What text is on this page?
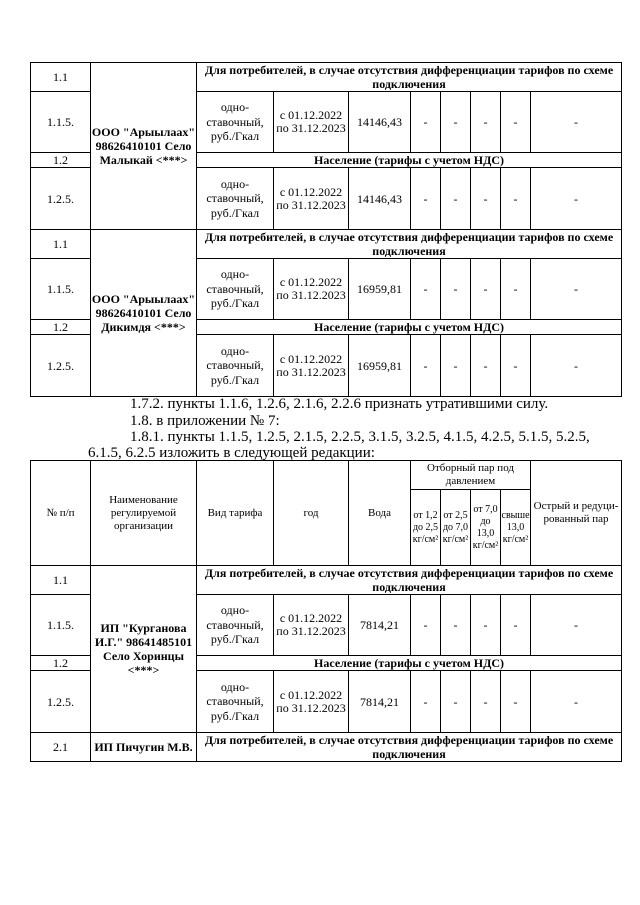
1.1	ООО "Арыылаах" 98626410101 Село Малыкай <***>	Для потребителей, в случае отсутствия дифференциации тарифов по схеме подключения							
1.1.5.		одно-ставочный, руб./Гкал	с 01.12.2022 по 31.12.2023	14146,43	-	-	-	-	-
1.2		Население (тарифы с учетом НДС)							
1.2.5.		одно-ставочный, руб./Гкал	с 01.12.2022 по 31.12.2023	14146,43	-	-	-	-	-
1.1	ООО "Арыылаах" 98626410101 Село Дикимдя <***>	Для потребителей, в случае отсутствия дифференциации тарифов по схеме подключения							
1.1.5.		одно-ставочный, руб./Гкал	с 01.12.2022 по 31.12.2023	16959,81	-	-	-	-	-
1.2		Население (тарифы с учетом НДС)							
1.2.5.		одно-ставочный, руб./Гкал	с 01.12.2022 по 31.12.2023	16959,81	-	-	-	-	-
1.7.2. пункты 1.1.6, 1.2.6, 2.1.6, 2.2.6 признать утратившими силу.
1.8. в приложении № 7:
1.8.1. пункты 1.1.5, 1.2.5, 2.1.5, 2.2.5, 3.1.5, 3.2.5, 4.1.5, 4.2.5, 5.1.5, 5.2.5,
6.1.5, 6.2.5 изложить в следующей редакции:
№ п/п	Наименование регулируемой организации	Вид тарифа	год	Вода	Отборный пар под давлением				Острый и редуци-рованный пар
					от 1,2 до 2,5 кг/см²	от 2,5 до 7,0 кг/см²	от 7,0 до 13,0 кг/см²	свыше 13,0 кг/см²	
1.1	ИП "Курганова И.Г." 98641485101 Село Хоринцы <***>	Для потребителей, в случае отсутствия дифференциации тарифов по схеме подключения							
1.1.5.		одно-ставочный, руб./Гкал	с 01.12.2022 по 31.12.2023	7814,21	-	-	-	-	-
1.2		Население (тарифы с учетом НДС)							
1.2.5.		одно-ставочный, руб./Гкал	с 01.12.2022 по 31.12.2023	7814,21	-	-	-	-	-
2.1	ИП Пичугин М.В.	Для потребителей, в случае отсутствия дифференциации тарифов по схеме подключения							
